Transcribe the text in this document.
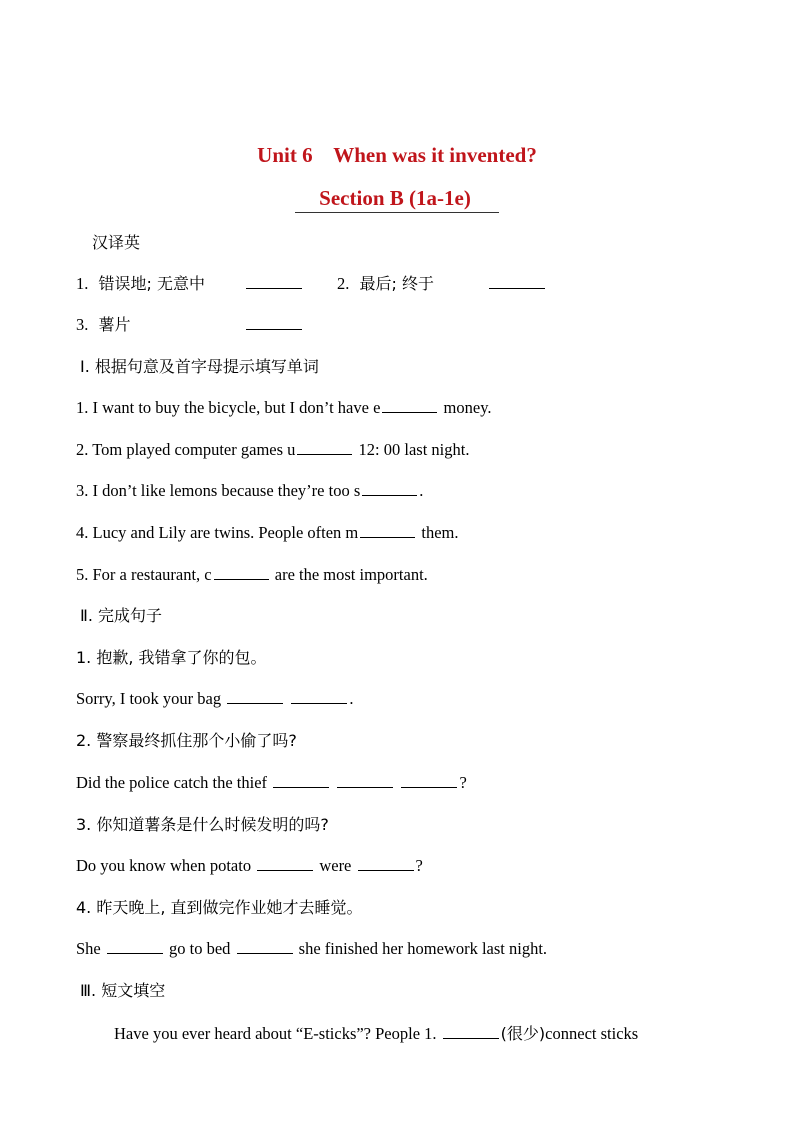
Unit 6    When was it invented?
Section B (1a-1e)
汉译英
1. 错误地; 无意中	2. 最后; 终于
3. 薯片
Ⅰ. 根据句意及首字母提示填写单词
1. I want to buy the bicycle, but I don’t have e	money.
2. Tom played computer games u	12: 00 last night.
3. I don’t like lemons because they’re too s	.
4. Lucy and Lily are twins. People often m	them.
5. For a restaurant, c	are the most important.
Ⅱ. 完成句子
1. 抱歉, 我错拿了你的包。
Sorry, I took your bag	.
2. 警察最终抓住那个小偷了吗?
Did the police catch the thief	?
3. 你知道薯条是什么时候发明的吗?
Do you know when potato	were	?
4. 昨天晚上, 直到做完作业她才去睡觉。
She	go to bed	she finished her homework last night.
Ⅲ. 短文填空
Have you ever heard about “E-sticks”? People 1.	(很少)connect sticks
